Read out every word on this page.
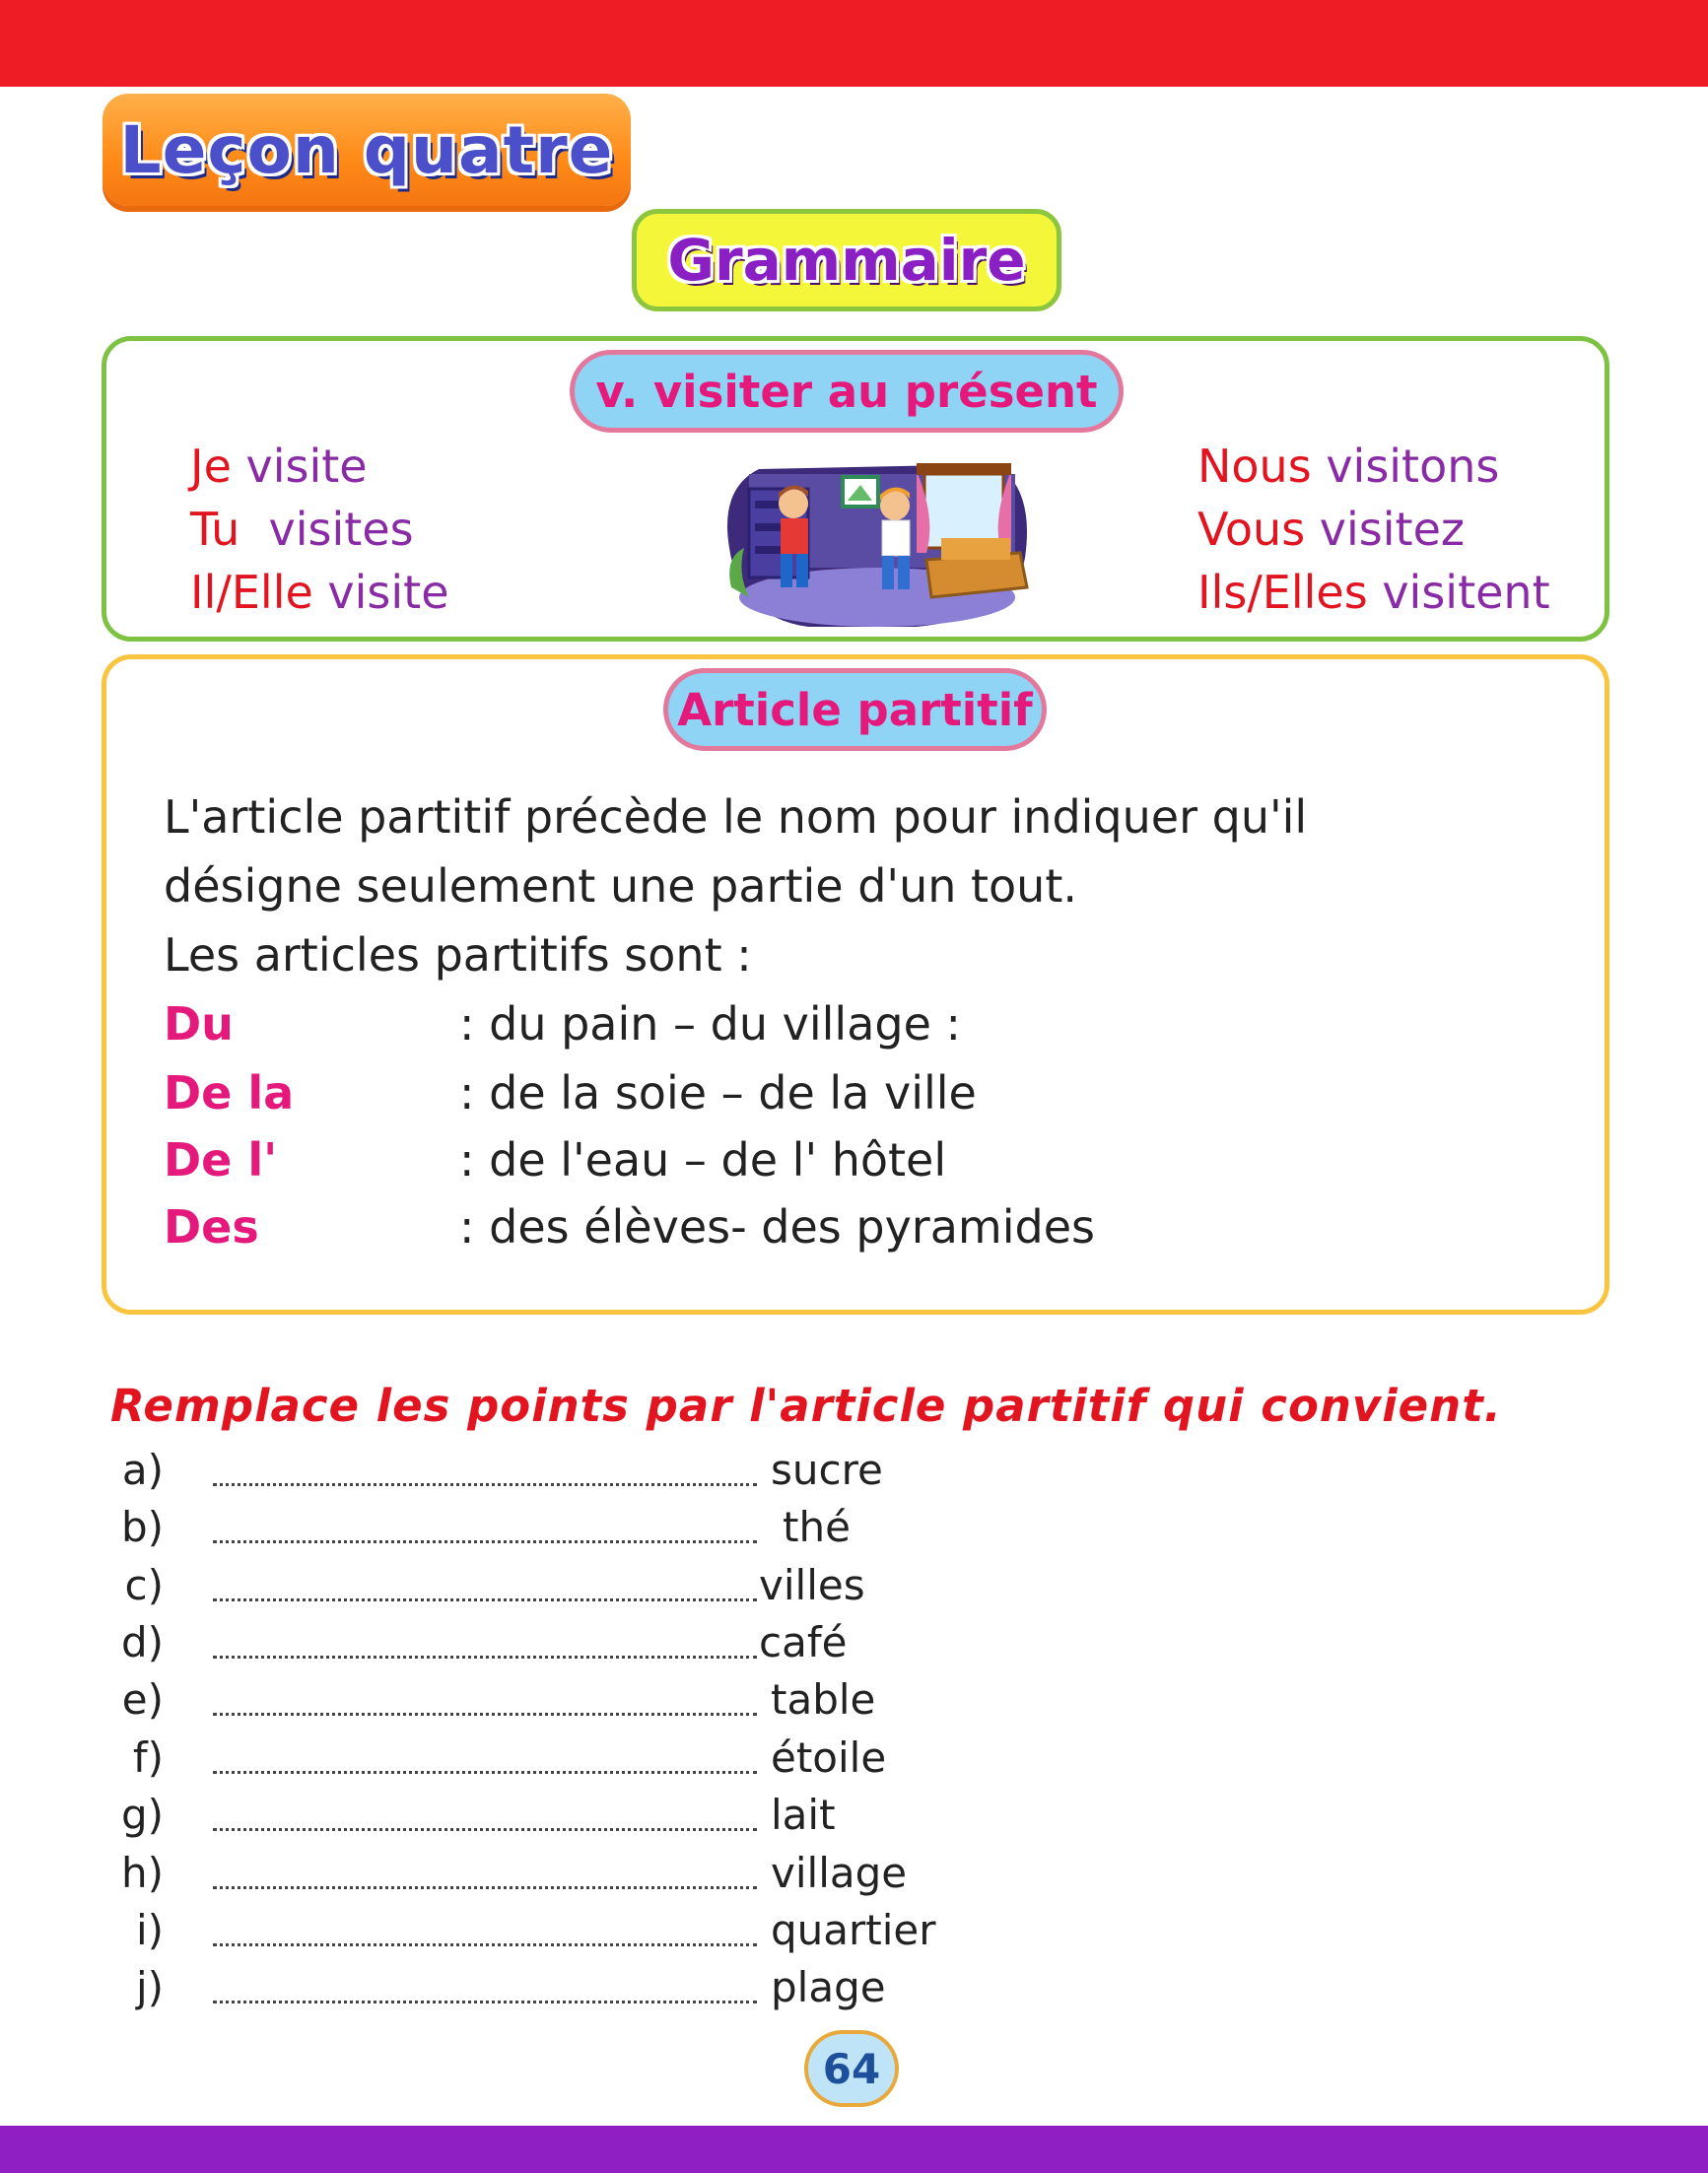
Leçon quatre
Grammaire
v. visiter au présent
Je visite
Tu visites
Il/Elle visite
Nous visitons
Vous visitez
Ils/Elles visitent
Article partitif
L'article partitif précède le nom pour indiquer qu'il
désigne seulement une partie d'un tout.
Les articles partitifs sont :
Du	: du pain – du village :
De la	: de la soie – de la ville
De l'	: de l'eau – de l' hôtel
Des	: des élèves- des pyramides
Remplace les points par l'article partitif qui convient.
a)	sucre
b)	thé
c)	villes
d)	café
e)	table
f)	étoile
g)	lait
h)	village
i)	quartier
j)	plage
64
